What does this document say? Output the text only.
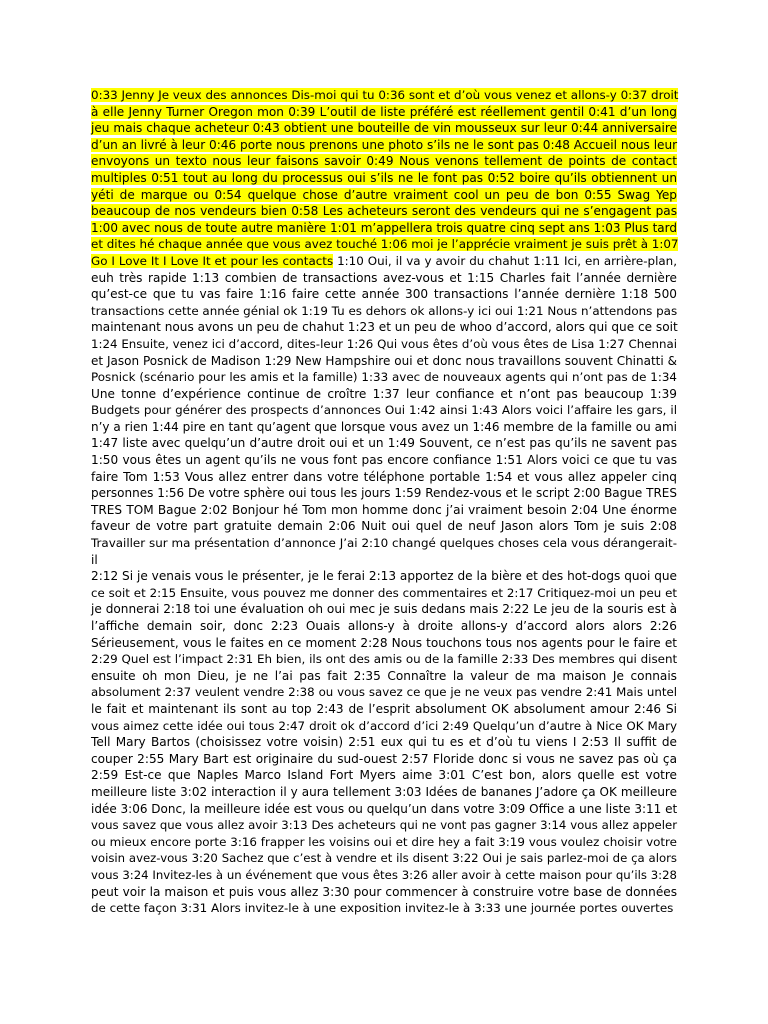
0:33 Jenny Je veux des annonces Dis-moi qui tu 0:36 sont et d’où vous venez et allons-y 0:37 droit
à elle Jenny Turner Oregon mon 0:39 L’outil de liste préféré est réellement gentil 0:41 d’un long
jeu mais chaque acheteur 0:43 obtient une bouteille de vin mousseux sur leur 0:44 anniversaire
d’un an livré à leur 0:46 porte nous prenons une photo s’ils ne le sont pas 0:48 Accueil nous leur
envoyons un texto nous leur faisons savoir 0:49 Nous venons tellement de points de contact
multiples 0:51 tout au long du processus oui s’ils ne le font pas 0:52 boire qu’ils obtiennent un
yéti de marque ou 0:54 quelque chose d’autre vraiment cool un peu de bon 0:55 Swag Yep
beaucoup de nos vendeurs bien 0:58 Les acheteurs seront des vendeurs qui ne s’engagent pas
1:00 avec nous de toute autre manière 1:01 m’appellera trois quatre cinq sept ans 1:03 Plus tard
et dites hé chaque année que vous avez touché 1:06 moi je l’apprécie vraiment je suis prêt à 1:07
Go I Love It I Love It et pour les contacts 1:10 Oui, il va y avoir du chahut 1:11 Ici, en arrière-plan,
euh très rapide 1:13 combien de transactions avez-vous et 1:15 Charles fait l’année dernière
qu’est-ce que tu vas faire 1:16 faire cette année 300 transactions l’année dernière 1:18 500
transactions cette année génial ok 1:19 Tu es dehors ok allons-y ici oui 1:21 Nous n’attendons pas
maintenant nous avons un peu de chahut 1:23 et un peu de whoo d’accord, alors qui que ce soit
1:24 Ensuite, venez ici d’accord, dites-leur 1:26 Qui vous êtes d’où vous êtes de Lisa 1:27 Chennai
et Jason Posnick de Madison 1:29 New Hampshire oui et donc nous travaillons souvent Chinatti &
Posnick (scénario pour les amis et la famille) 1:33 avec de nouveaux agents qui n’ont pas de 1:34
Une tonne d’expérience continue de croître 1:37 leur confiance et n’ont pas beaucoup 1:39
Budgets pour générer des prospects d’annonces Oui 1:42 ainsi 1:43 Alors voici l’affaire les gars, il
n’y a rien 1:44 pire en tant qu’agent que lorsque vous avez un 1:46 membre de la famille ou ami
1:47 liste avec quelqu’un d’autre droit oui et un 1:49 Souvent, ce n’est pas qu’ils ne savent pas
1:50 vous êtes un agent qu’ils ne vous font pas encore confiance 1:51 Alors voici ce que tu vas
faire Tom 1:53 Vous allez entrer dans votre téléphone portable 1:54 et vous allez appeler cinq
personnes 1:56 De votre sphère oui tous les jours 1:59 Rendez-vous et le script 2:00 Bague TRES
TRES TOM Bague 2:02 Bonjour hé Tom mon homme donc j’ai vraiment besoin 2:04 Une énorme
faveur de votre part gratuite demain 2:06 Nuit oui quel de neuf Jason alors Tom je suis 2:08
Travailler sur ma présentation d’annonce J’ai 2:10 changé quelques choses cela vous dérangerait-
il
2:12 Si je venais vous le présenter, je le ferai 2:13 apportez de la bière et des hot-dogs quoi que
ce soit et 2:15 Ensuite, vous pouvez me donner des commentaires et 2:17 Critiquez-moi un peu et
je donnerai 2:18 toi une évaluation oh oui mec je suis dedans mais 2:22 Le jeu de la souris est à
l’affiche demain soir, donc 2:23 Ouais allons-y à droite allons-y d’accord alors alors 2:26
Sérieusement, vous le faites en ce moment 2:28 Nous touchons tous nos agents pour le faire et
2:29 Quel est l’impact 2:31 Eh bien, ils ont des amis ou de la famille 2:33 Des membres qui disent
ensuite oh mon Dieu, je ne l’ai pas fait 2:35 Connaître la valeur de ma maison Je connais
absolument 2:37 veulent vendre 2:38 ou vous savez ce que je ne veux pas vendre 2:41 Mais untel
le fait et maintenant ils sont au top 2:43 de l’esprit absolument OK absolument amour 2:46 Si
vous aimez cette idée oui tous 2:47 droit ok d’accord d’ici 2:49 Quelqu’un d’autre à Nice OK Mary
Tell Mary Bartos (choisissez votre voisin) 2:51 eux qui tu es et d’où tu viens I 2:53 Il suffit de
couper 2:55 Mary Bart est originaire du sud-ouest 2:57 Floride donc si vous ne savez pas où ça
2:59 Est-ce que Naples Marco Island Fort Myers aime 3:01 C’est bon, alors quelle est votre
meilleure liste 3:02 interaction il y aura tellement 3:03 Idées de bananes J’adore ça OK meilleure
idée 3:06 Donc, la meilleure idée est vous ou quelqu’un dans votre 3:09 Office a une liste 3:11 et
vous savez que vous allez avoir 3:13 Des acheteurs qui ne vont pas gagner 3:14 vous allez appeler
ou mieux encore porte 3:16 frapper les voisins oui et dire hey a fait 3:19 vous voulez choisir votre
voisin avez-vous 3:20 Sachez que c’est à vendre et ils disent 3:22 Oui je sais parlez-moi de ça alors
vous 3:24 Invitez-les à un événement que vous êtes 3:26 aller avoir à cette maison pour qu’ils 3:28
peut voir la maison et puis vous allez 3:30 pour commencer à construire votre base de données
de cette façon 3:31 Alors invitez-le à une exposition invitez-le à 3:33 une journée portes ouvertes
